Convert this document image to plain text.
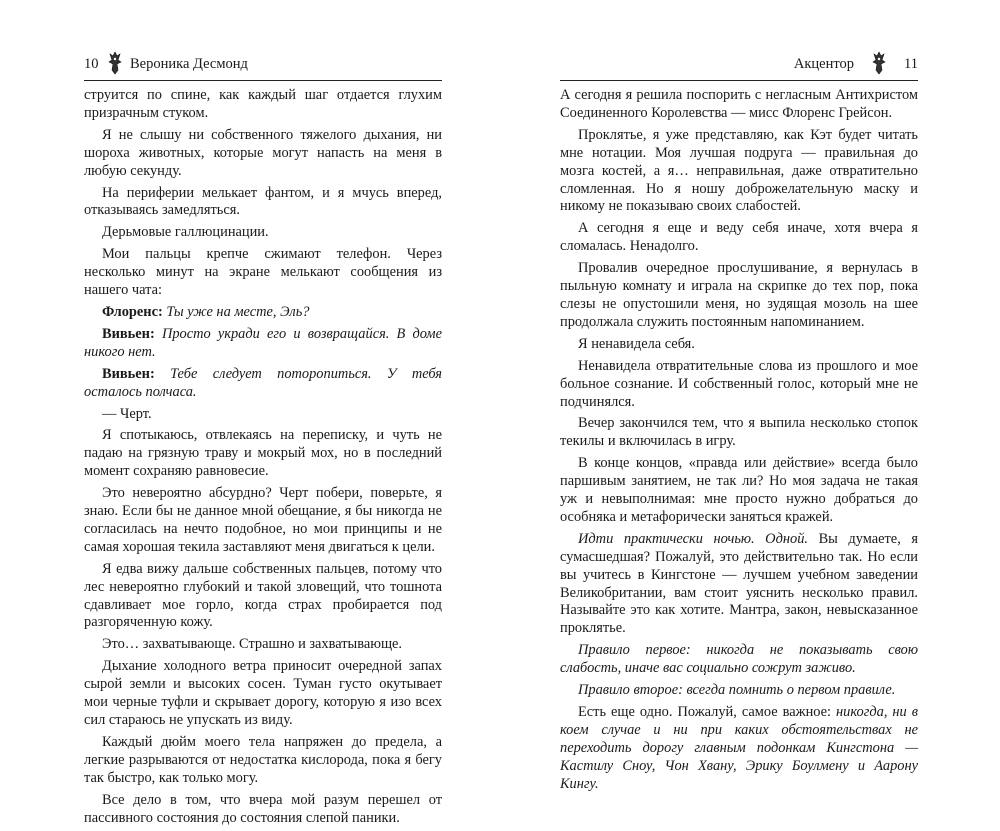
10 Вероника Десмонд

струится по спине, как каждый шаг отдается глухим призрачным стуком.

Я не слышу ни собственного тяжелого дыхания, ни шороха животных, которые могут напасть на меня в любую секунду.

На периферии мелькает фантом, и я мчусь вперед, отказываясь замедляться.

Дерьмовые галлюцинации.

Мои пальцы крепче сжимают телефон. Через несколько минут на экране мелькают сообщения из нашего чата:

Флоренс: Ты уже на месте, Эль?

Вивьен: Просто укради его и возвращайся. В доме никого нет.

Вивьен: Тебе следует поторопиться. У тебя осталось полчаса.

— Черт.

Я спотыкаюсь, отвлекаясь на переписку, и чуть не падаю на грязную траву и мокрый мох, но в последний момент сохраняю равновесие.

Это невероятно абсурдно? Черт побери, поверьте, я знаю. Если бы не данное мной обещание, я бы никогда не согласилась на нечто подобное, но мои принципы и не самая хорошая текила заставляют меня двигаться к цели.

Я едва вижу дальше собственных пальцев, потому что лес невероятно глубокий и такой зловещий, что тошнота сдавливает мое горло, когда страх пробирается под разгоряченную кожу.

Это… захватывающе. Страшно и захватывающе.

Дыхание холодного ветра приносит очередной запах сырой земли и высоких сосен. Туман густо окутывает мои черные туфли и скрывает дорогу, которую я изо всех сил стараюсь не упускать из виду.

Каждый дюйм моего тела напряжен до предела, а легкие разрываются от недостатка кислорода, пока я бегу так быстро, как только могу.

Все дело в том, что вчера мой разум перешел от пассивного состояния до состояния слепой паники.

Акцентор	11

А сегодня я решила поспорить с негласным Антихристом Соединенного Королевства — мисс Флоренс Грейсон.

Проклятье, я уже представляю, как Кэт будет читать мне нотации. Моя лучшая подруга — правильная до мозга костей, а я… неправильная, даже отвратительно сломленная. Но я ношу доброжелательную маску и никому не показываю своих слабостей.

А сегодня я еще и веду себя иначе, хотя вчера я сломалась. Ненадолго.

Провалив очередное прослушивание, я вернулась в пыльную комнату и играла на скрипке до тех пор, пока слезы не опустошили меня, но зудящая мозоль на шее продолжала служить постоянным напоминанием.

Я ненавидела себя.

Ненавидела отвратительные слова из прошлого и мое больное сознание. И собственный голос, который мне не подчинялся.

Вечер закончился тем, что я выпила несколько стопок текилы и включилась в игру.

В конце концов, «правда или действие» всегда было паршивым занятием, не так ли? Но моя задача не такая уж и невыполнимая: мне просто нужно добраться до особняка и метафорически заняться кражей.

Идти практически ночью. Одной. Вы думаете, я сумасшедшая? Пожалуй, это действительно так. Но если вы учитесь в Кингстоне — лучшем учебном заведении Великобритании, вам стоит уяснить несколько правил. Называйте это как хотите. Мантра, закон, невысказанное проклятье.

Правило первое: никогда не показывать свою слабость, иначе вас социально сожрут заживо.

Правило второе: всегда помнить о первом правиле.

Есть еще одно. Пожалуй, самое важное: никогда, ни в коем случае и ни при каких обстоятельствах не переходить дорогу главным подонкам Кингстона — Кастилу Сноу, Чон Хвану, Эрику Боулмену и Аарону Кингу.
